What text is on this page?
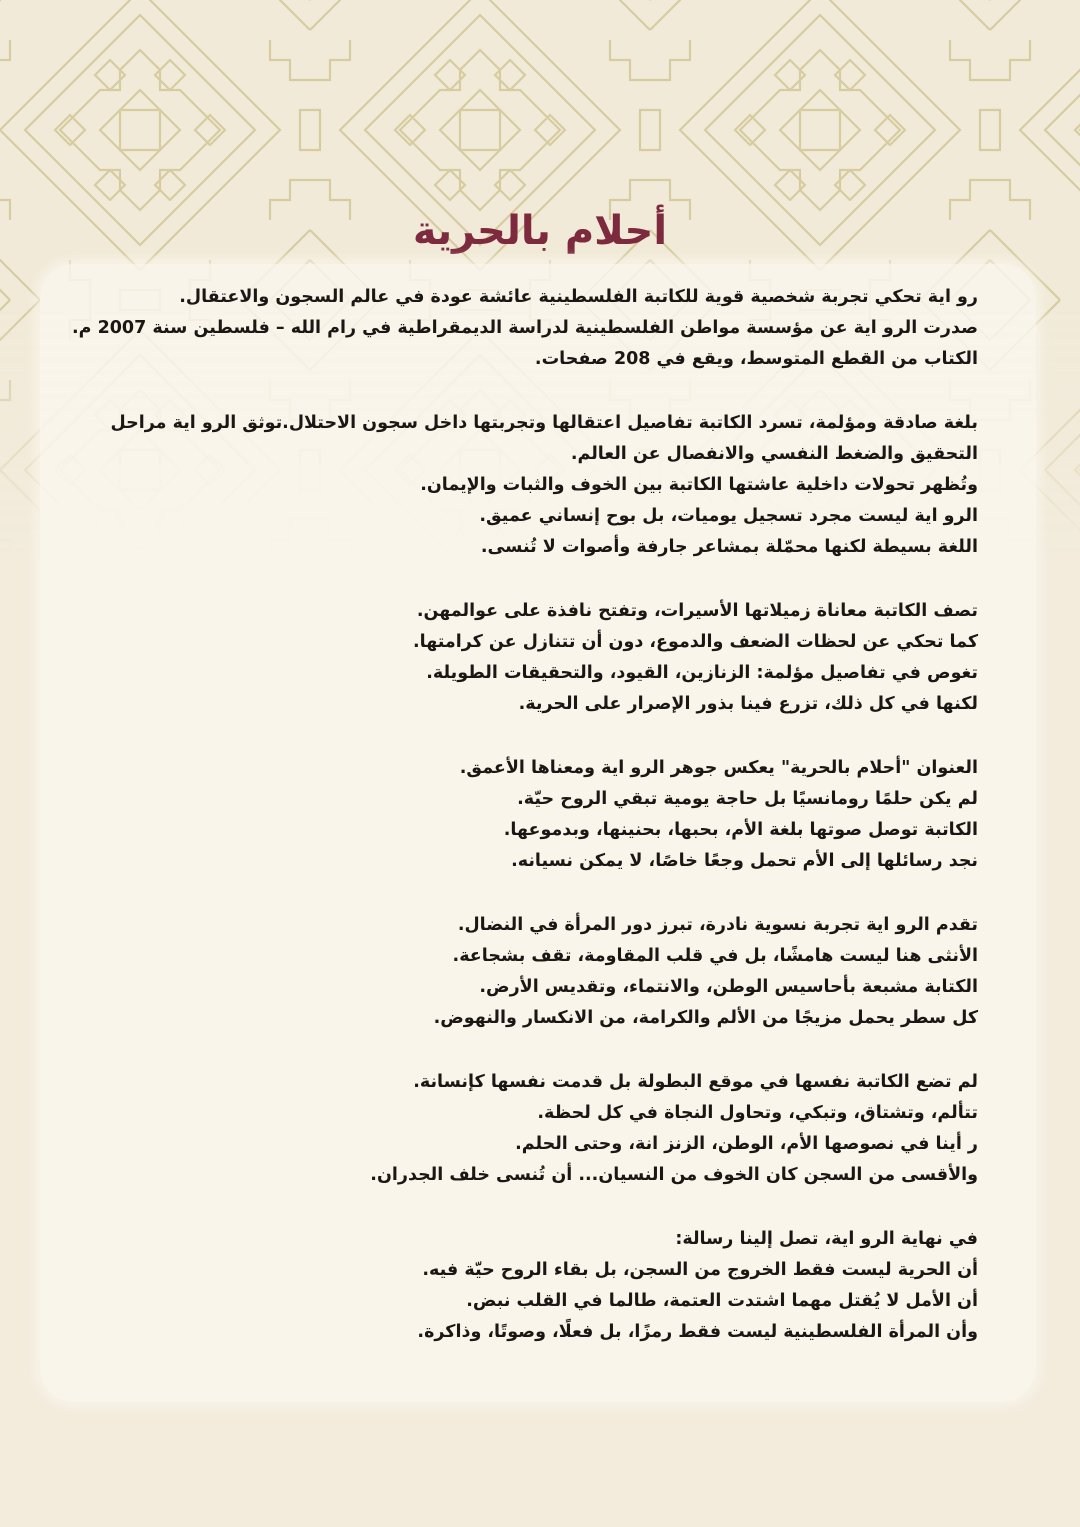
أحلام بالحرية
رو اية تحكي تجربة شخصية قوية للكاتبة الفلسطينية عائشة عودة في عالم السجون والاعتقال.
صدرت الرو اية عن مؤسسة مواطن الفلسطينية لدراسة الديمقراطية في رام الله – فلسطين سنة 2007 م.
الكتاب من القطع المتوسط، ويقع في 208 صفحات.
بلغة صادقة ومؤلمة، تسرد الكاتبة تفاصيل اعتقالها وتجربتها داخل سجون الاحتلال.توثق الرو اية مراحل التحقيق والضغط النفسي والانفصال عن العالم.
وتُظهر تحولات داخلية عاشتها الكاتبة بين الخوف والثبات والإيمان.
الرو اية ليست مجرد تسجيل يوميات، بل بوح إنساني عميق.
اللغة بسيطة لكنها محمّلة بمشاعر جارفة وأصوات لا تُنسى.
تصف الكاتبة معاناة زميلاتها الأسيرات، وتفتح نافذة على عوالمهن.
كما تحكي عن لحظات الضعف والدموع، دون أن تتنازل عن كرامتها.
تغوص في تفاصيل مؤلمة: الزنازين، القيود، والتحقيقات الطويلة.
لكنها في كل ذلك، تزرع فينا بذور الإصرار على الحرية.
العنوان "أحلام بالحرية" يعكس جوهر الرو اية ومعناها الأعمق.
لم يكن حلمًا رومانسيًا بل حاجة يومية تبقي الروح حيّة.
الكاتبة توصل صوتها بلغة الأم، بحبها، بحنينها، وبدموعها.
نجد رسائلها إلى الأم تحمل وجعًا خاصًا، لا يمكن نسيانه.
تقدم الرو اية تجربة نسوية نادرة، تبرز دور المرأة في النضال.
الأنثى هنا ليست هامشًا، بل في قلب المقاومة، تقف بشجاعة.
الكتابة مشبعة بأحاسيس الوطن، والانتماء، وتقديس الأرض.
كل سطر يحمل مزيجًا من الألم والكرامة، من الانكسار والنهوض.
لم تضع الكاتبة نفسها في موقع البطولة بل قدمت نفسها كإنسانة.
تتألم، وتشتاق، وتبكي، وتحاول النجاة في كل لحظة.
ر أينا في نصوصها الأم، الوطن، الزنز انة، وحتى الحلم.
والأقسى من السجن كان الخوف من النسيان... أن تُنسى خلف الجدران.
في نهاية الرو اية، تصل إلينا رسالة:
أن الحرية ليست فقط الخروج من السجن، بل بقاء الروح حيّة فيه.
أن الأمل لا يُقتل مهما اشتدت العتمة، طالما في القلب نبض.
وأن المرأة الفلسطينية ليست فقط رمزًا، بل فعلًا، وصوتًا، وذاكرة.
